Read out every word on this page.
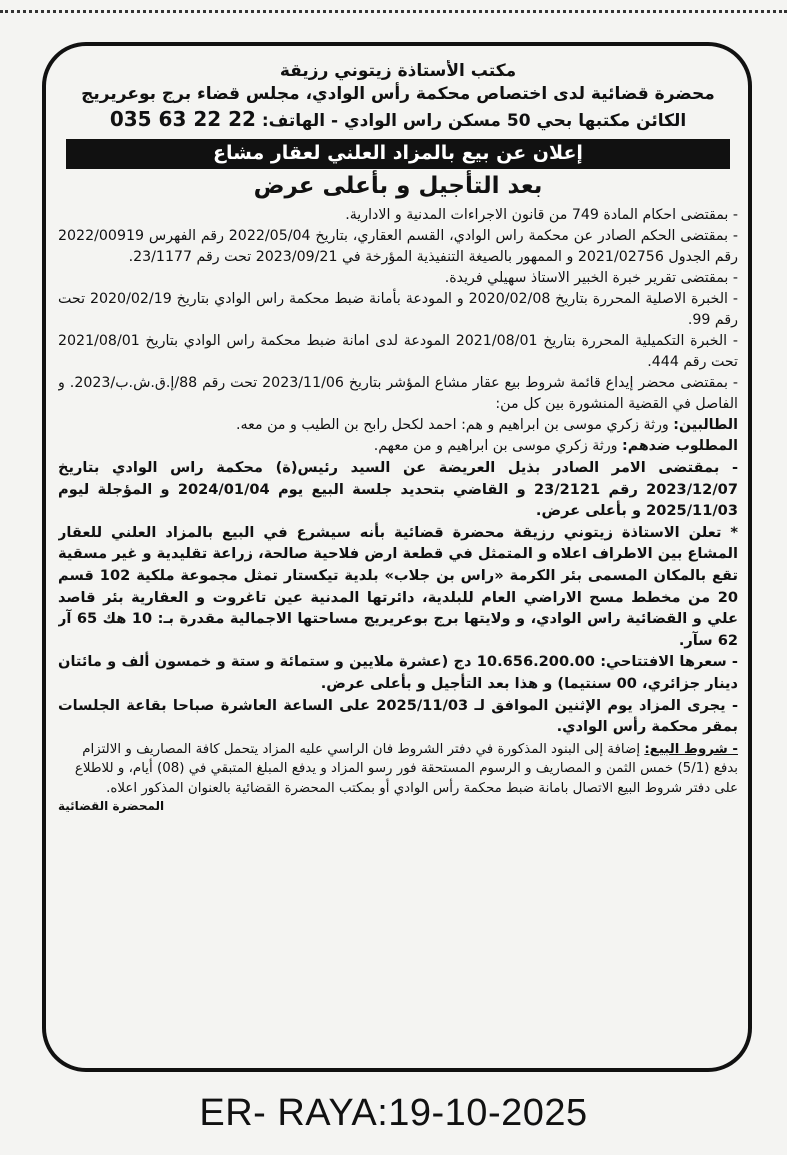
مكتب الأستاذة زيتوني رزيقة
محضرة قضائية لدى اختصاص محكمة رأس الوادي، مجلس قضاء برج بوعريريج
الكائن مكتبها بحي 50 مسكن راس الوادي - الهاتف: 035 63 22 22
إعلان عن بيع بالمزاد العلني لعقار مشاع
بعد التأجيل و بأعلى عرض

- بمقتضى احكام المادة 749 من قانون الاجراءات المدنية و الادارية.

- بمقتضى الحكم الصادر عن محكمة راس الوادي، القسم العقاري، بتاريخ 2022/05/04 رقم الفهرس 2022/00919 رقم الجدول 2021/02756 و الممهور بالصيغة التنفيذية المؤرخة في 2023/09/21 تحت رقم 23/1177.

- بمقتضى تقرير خبرة الخبير الاستاذ سهيلي فريدة.

- الخبرة الاصلية المحررة بتاريخ 2020/02/08 و المودعة بأمانة ضبط محكمة راس الوادي بتاريخ 2020/02/19 تحت رقم 99.

- الخبرة التكميلية المحررة بتاريخ 2021/08/01 المودعة لدى امانة ضبط محكمة راس الوادي بتاريخ 2021/08/01 تحت رقم 444.

- بمقتضى محضر إيداع قائمة شروط بيع عقار مشاع المؤشر بتاريخ 2023/11/06 تحت رقم 88/إ.ق.ش.ب/2023. و الفاصل في القضية المنشورة بين كل من:

الطالبين: ورثة زكري موسى بن ابراهيم و هم: احمد لكحل رابح بن الطيب و من معه.

المطلوب ضدهم: ورثة زكري موسى بن ابراهيم و من معهم.

- بمقتضى الامر الصادر بذيل العريضة عن السيد رئيس(ة) محكمة راس الوادي بتاريخ 2023/12/07 رقم 23/2121 و القاضي بتحديد جلسة البيع يوم 2024/01/04 و المؤجلة ليوم 2025/11/03 و بأعلى عرض.

* تعلن الاستاذة زيتوني رزيقة محضرة قضائية بأنه سيشرع في البيع بالمزاد العلني للعقار المشاع بين الاطراف اعلاه و المتمثل في قطعة ارض فلاحية صالحة، زراعة تقليدية و غير مسقية تقع بالمكان المسمى بئر الكرمة «راس بن جلاب» بلدية تيكستار تمثل مجموعة ملكية 102 قسم 20 من مخطط مسح الاراضي العام للبلدية، دائرتها المدنية عين تاغروت و العقارية بئر قاصد علي و القضائية راس الوادي، و ولايتها برج بوعريريج مساحتها الاجمالية مقدرة بـ: 10 هك 65 آر 62 سآر.

- سعرها الافتتاحي: 10.656.200.00 دج (عشرة ملايين و ستمائة و ستة و خمسون ألف و مائتان دينار جزائري، 00 سنتيما) و هذا بعد التأجيل و بأعلى عرض.

- يجرى المزاد يوم الإثنين الموافق لـ 2025/11/03 على الساعة العاشرة صباحا بقاعة الجلسات بمقر محكمة رأس الوادي.

- شروط البيع: إضافة إلى البنود المذكورة في دفتر الشروط فان الراسي عليه المزاد يتحمل كافة المصاريف و الالتزام بدفع (5/1) خمس الثمن و المصاريف و الرسوم المستحقة فور رسو المزاد و يدفع المبلغ المتبقي في (08) أيام، و للاطلاع على دفتر شروط البيع الاتصال بامانة ضبط محكمة رأس الوادي أو بمكتب المحضرة القضائية بالعنوان المذكور اعلاه.
المحضرة القضائية
ER- RAYA:19-10-2025
